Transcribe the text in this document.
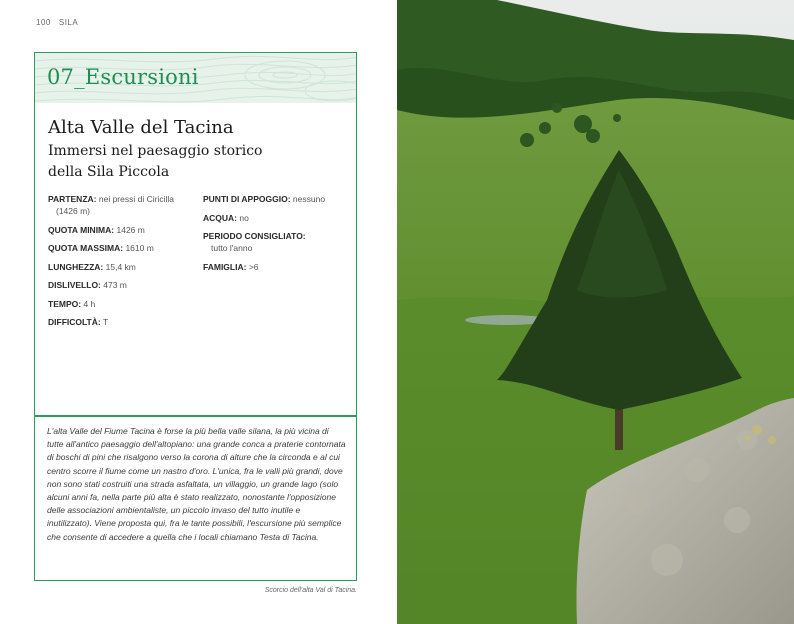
100 SILA
07_Escursioni
Alta Valle del Tacina
Immersi nel paesaggio storico della Sila Piccola
PARTENZA: nei pressi di Ciricilla
(1426 m)
QUOTA MINIMA: 1426 m
QUOTA MASSIMA: 1610 m
LUNGHEZZA: 15,4 km
DISLIVELLO: 473 m
TEMPO: 4 h
DIFFICOLTÀ: T
PUNTI DI APPOGGIO: nessuno
ACQUA: no
PERIODO CONSIGLIATO:
tutto l'anno
FAMIGLIA: >6

L'alta Valle del Fiume Tacina è forse la più bella valle silana, la più vicina di tutte all'antico paesaggio dell'altopiano: una grande conca a praterie contornata di boschi di pini che risalgono verso la corona di alture che la circonda e al cui centro scorre il fiume come un nastro d'oro. L'unica, fra le valli più grandi, dove non sono stati costruiti una strada asfaltata, un villaggio, un grande lago (solo alcuni anni fa, nella parte più alta è stato realizzato, nonostante l'opposizione delle associazioni ambientaliste, un piccolo invaso del tutto inutile e inutilizzato). Viene proposta qui, fra le tante possibili, l'escursione più semplice che consente di accedere a quella che i locali chiamano Testa di Tacina.

Scorcio dell'alta Val di Tacina.
